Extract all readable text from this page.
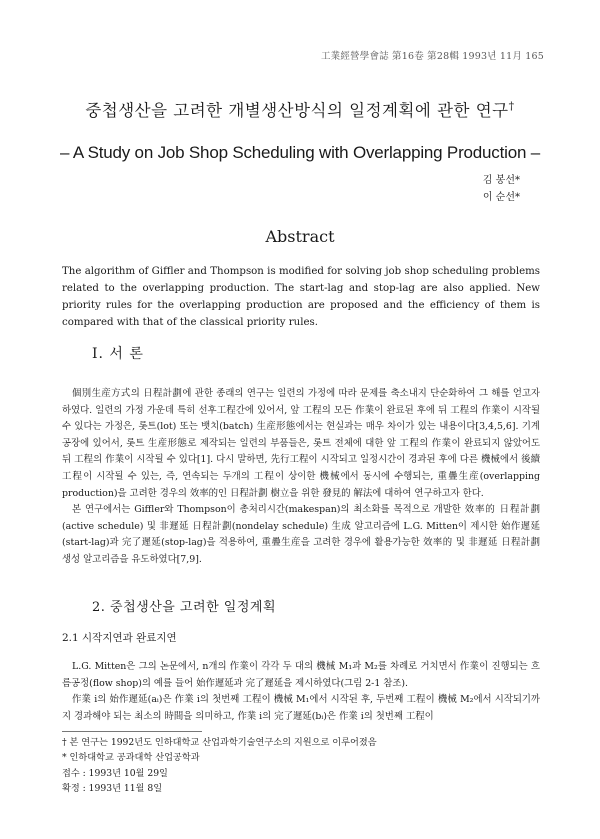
工業經營學會誌 第16卷 第28輯 1993년 11月 165
중첩생산을 고려한 개별생산방식의 일정계획에 관한 연구†
– A Study on Job Shop Scheduling with Overlapping Production –
김 봉선*
이 순선*
Abstract
The algorithm of Giffler and Thompson is modified for solving job shop scheduling problems related to the overlapping production. The start-lag and stop-lag are also applied. New priority rules for the overlapping production are proposed and the efficiency of them is compared with that of the classical priority rules.
I. 서 론

個別生産方式의 日程計劃에 관한 종래의 연구는 일련의 가정에 따라 문제를 축소내지 단순화하여 그 해를 얻고자 하였다. 일련의 가정 가운데 특히 선후工程간에 있어서, 앞 工程의 모든 作業이 완료된 후에 뒤 工程의 作業이 시작될 수 있다는 가정은, 롯트(lot) 또는 뱃치(batch) 生産形態에서는 현실과는 매우 차이가 있는 내용이다[3,4,5,6]. 기계공장에 있어서, 롯트 生産形態로 제작되는 일련의 부품들은, 롯트 전체에 대한 앞 工程의 作業이 완료되지 않았어도 뒤 工程의 作業이 시작될 수 있다[1]. 다시 말하면, 先行工程이 시작되고 일정시간이 경과된 후에 다른 機械에서 後續工程이 시작될 수 있는, 즉, 연속되는 두개의 工程이 상이한 機械에서 동시에 수행되는, 重疊生産(overlapping production)을 고려한 경우의 效率的인 日程計劃 樹立을 위한 發見的 解法에 대하여 연구하고자 한다.

본 연구에서는 Giffler와 Thompson이 총처리시간(makespan)의 최소화를 목적으로 개발한 效率的 日程計劃(active schedule) 및 非遲延 日程計劃(nondelay schedule) 生成 알고리즘에 L.G. Mitten이 제시한 始作遲延(start-lag)과 完了遲延(stop-lag)을 적용하여, 重疊生産을 고려한 경우에 활용가능한 效率的 및 非遲延 日程計劃 생성 알고리즘을 유도하였다[7,9].

2. 중첩생산을 고려한 일정계획
2.1 시작지연과 완료지연

L.G. Mitten은 그의 논문에서, n개의 作業이 각각 두 대의 機械 M₁과 M₂를 차례로 거치면서 作業이 진행되는 흐름공정(flow shop)의 예를 들어 始作遲延과 完了遲延을 제시하였다(그림 2-1 참조).

作業 i의 始作遲延(aᵢ)은 作業 i의 첫번째 工程이 機械 M₁에서 시작된 후, 두번째 工程이 機械 M₂에서 시작되기까지 경과해야 되는 최소의 時間을 의미하고, 作業 i의 完了遲延(bᵢ)은 作業 i의 첫번째 工程이

† 본 연구는 1992년도 인하대학교 산업과학기술연구소의 지원으로 이루어졌음
* 인하대학교 공과대학 산업공학과
접수 : 1993년 10월 29일
확정 : 1993년 11월 8일
